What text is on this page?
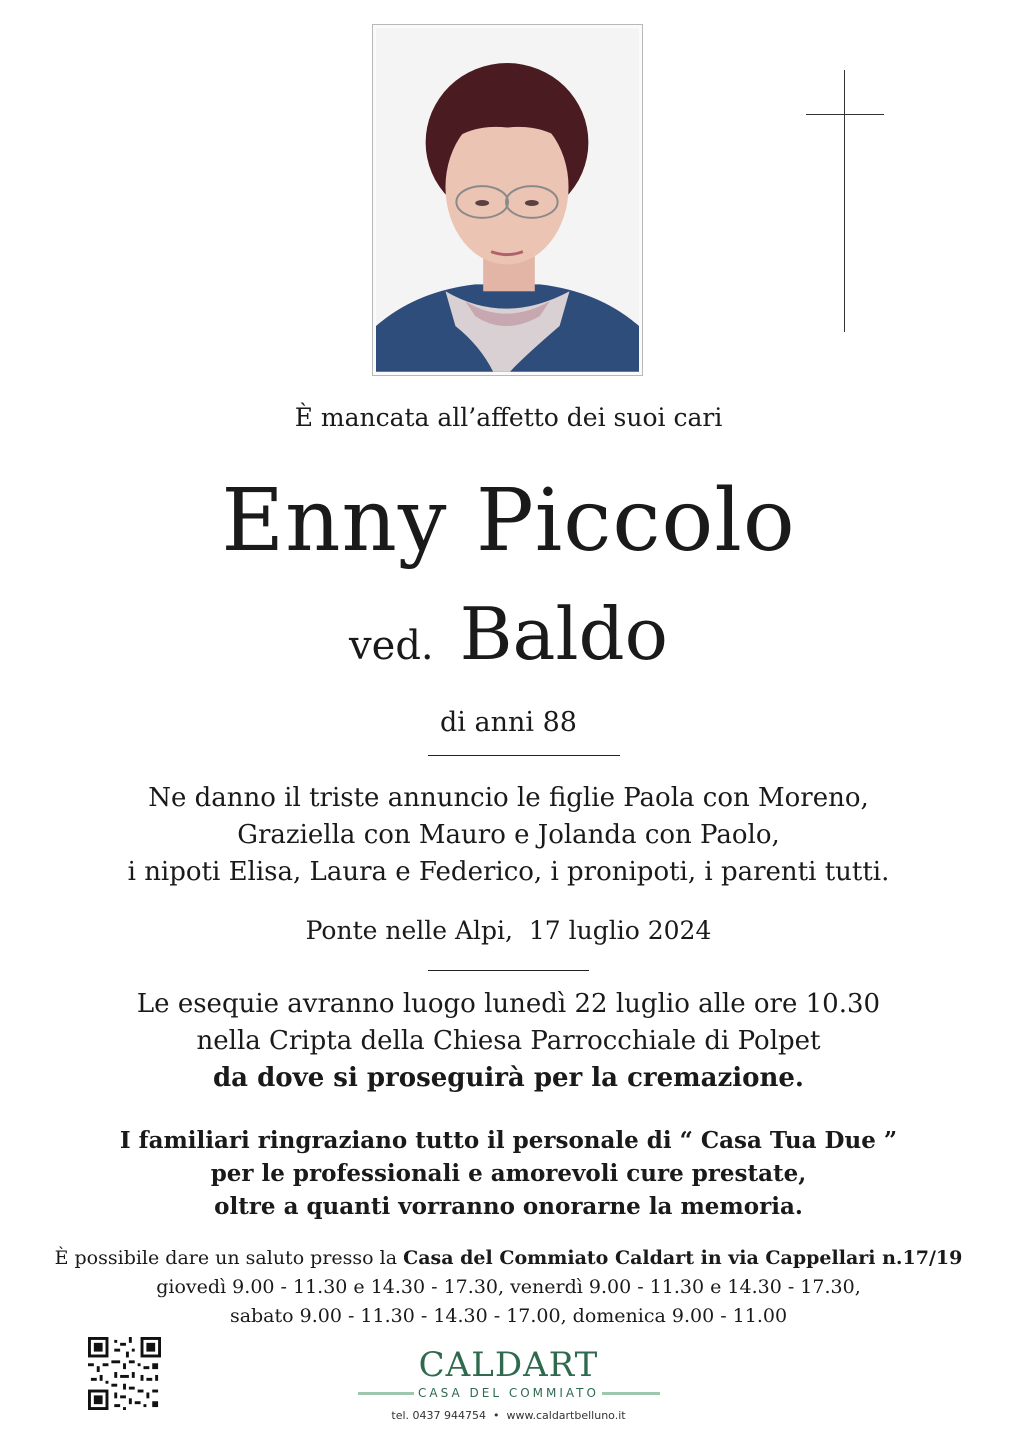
È mancata all’affetto dei suoi cari
Enny Piccolo
ved. Baldo
di anni 88
Ne danno il triste annuncio le figlie Paola con Moreno,
Graziella con Mauro e Jolanda con Paolo,
i nipoti Elisa, Laura e Federico, i pronipoti, i parenti tutti.
Ponte nelle Alpi,  17 luglio 2024
Le esequie avranno luogo lunedì 22 luglio alle ore 10.30
nella Cripta della Chiesa Parrocchiale di Polpet
da dove si proseguirà per la cremazione.
I familiari ringraziano tutto il personale di “ Casa Tua Due ”
per le professionali e amorevoli cure prestate,
oltre a quanti vorranno onorarne la memoria.
È possibile dare un saluto presso la Casa del Commiato Caldart in via Cappellari n.17/19
giovedì 9.00 - 11.30 e 14.30 - 17.30, venerdì 9.00 - 11.30 e 14.30 - 17.30,
sabato 9.00 - 11.30 - 14.30 - 17.00, domenica 9.00 - 11.00
CALDART
CASA DEL COMMIATO
tel. 0437 944754  •  www.caldartbelluno.it
